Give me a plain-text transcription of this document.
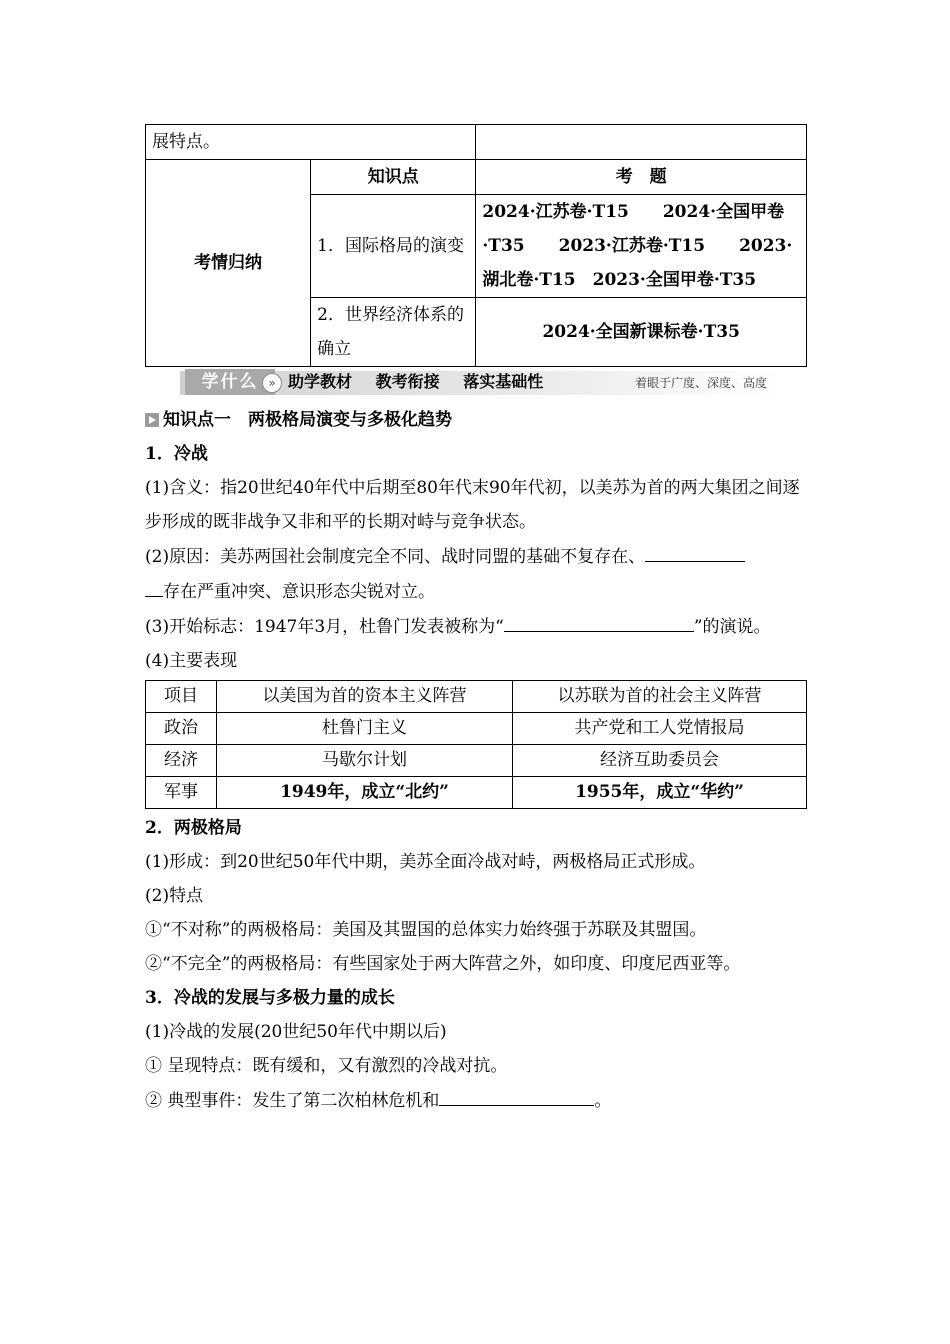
展特点。		
考情归纳	知识点	考　题
	1．国际格局的演变	2024·江苏卷·T15　　2024·全国甲卷·T35　　2023·江苏卷·T15　　2023·湖北卷·T15　2023·全国甲卷·T35
	2．世界经济体系的确立	2024·全国新课标卷·T35
学什么 » 助学教材 教考衔接 落实基础性	着眼于广度、深度、高度
知识点一　两极格局演变与多极化趋势
1．冷战
(1)含义：指20世纪40年代中后期至80年代末90年代初，以美苏为首的两大集团之间逐步形成的既非战争又非和平的长期对峙与竞争状态。
(2)原因：美苏两国社会制度完全不同、战时同盟的基础不复存在、
存在严重冲突、意识形态尖锐对立。
(3)开始标志：1947年3月，杜鲁门发表被称为“	”的演说。
(4)主要表现
项目	以美国为首的资本主义阵营	以苏联为首的社会主义阵营
政治	杜鲁门主义	共产党和工人党情报局
经济	马歇尔计划	经济互助委员会
军事	1949年，成立“北约”	1955年，成立“华约”
2．两极格局
(1)形成：到20世纪50年代中期，美苏全面冷战对峙，两极格局正式形成。
(2)特点
①“不对称”的两极格局：美国及其盟国的总体实力始终强于苏联及其盟国。
②“不完全”的两极格局：有些国家处于两大阵营之外，如印度、印度尼西亚等。
3．冷战的发展与多极力量的成长
(1)冷战的发展(20世纪50年代中期以后)
① 呈现特点：既有缓和，又有激烈的冷战对抗。
② 典型事件：发生了第二次柏林危机和	。
